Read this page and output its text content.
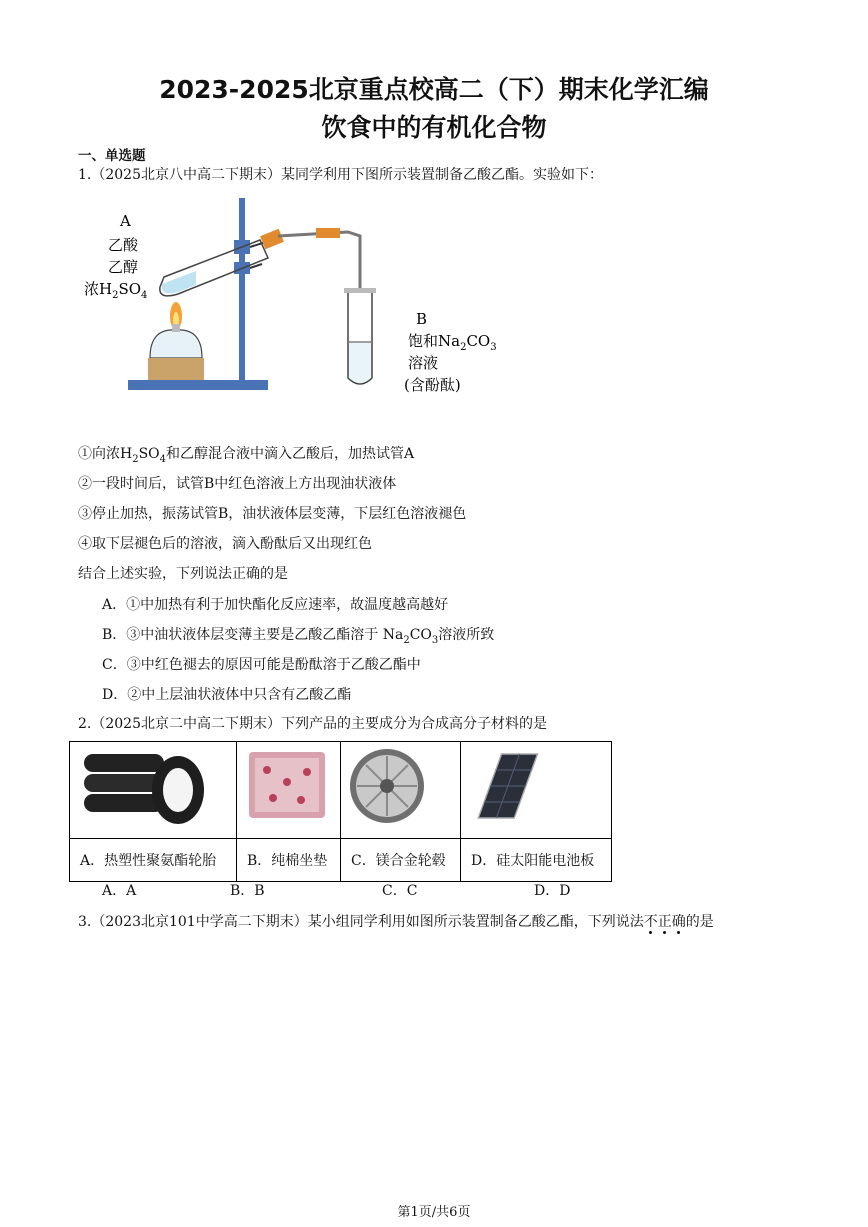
2023-2025北京重点校高二（下）期末化学汇编
饮食中的有机化合物
一、单选题
1.（2025北京八中高二下期末）某同学利用下图所示装置制备乙酸乙酯。实验如下：
A
乙酸
乙醇
浓$H_2SO_4$
B
饱和$Na_2CO_3$
溶液
(含酚酞)
①向浓$H_2SO_4$和乙醇混合液中滴入乙酸后，加热试管A
②一段时间后，试管B中红色溶液上方出现油状液体
③停止加热，振荡试管B，油状液体层变薄，下层红色溶液褪色
④取下层褪色后的溶液，滴入酚酞后又出现红色
结合上述实验，下列说法正确的是
A．①中加热有利于加快酯化反应速率，故温度越高越好
B．③中油状液体层变薄主要是乙酸乙酯溶于 $Na_2CO_3$溶液所致
C．③中红色褪去的原因可能是酚酞溶于乙酸乙酯中
D．②中上层油状液体中只含有乙酸乙酯
2.（2025北京二中高二下期末）下列产品的主要成分为合成高分子材料的是

A．热塑性聚氨酯轮胎	B．纯棉坐垫	C．镁合金轮毂	D．硅太阳能电池板
A．A	B．B	C．C	D．D
3.（2023北京101中学高二下期末）某小组同学利用如图所示装置制备乙酸乙酯，下列说法不正确的是
第1页/共6页
